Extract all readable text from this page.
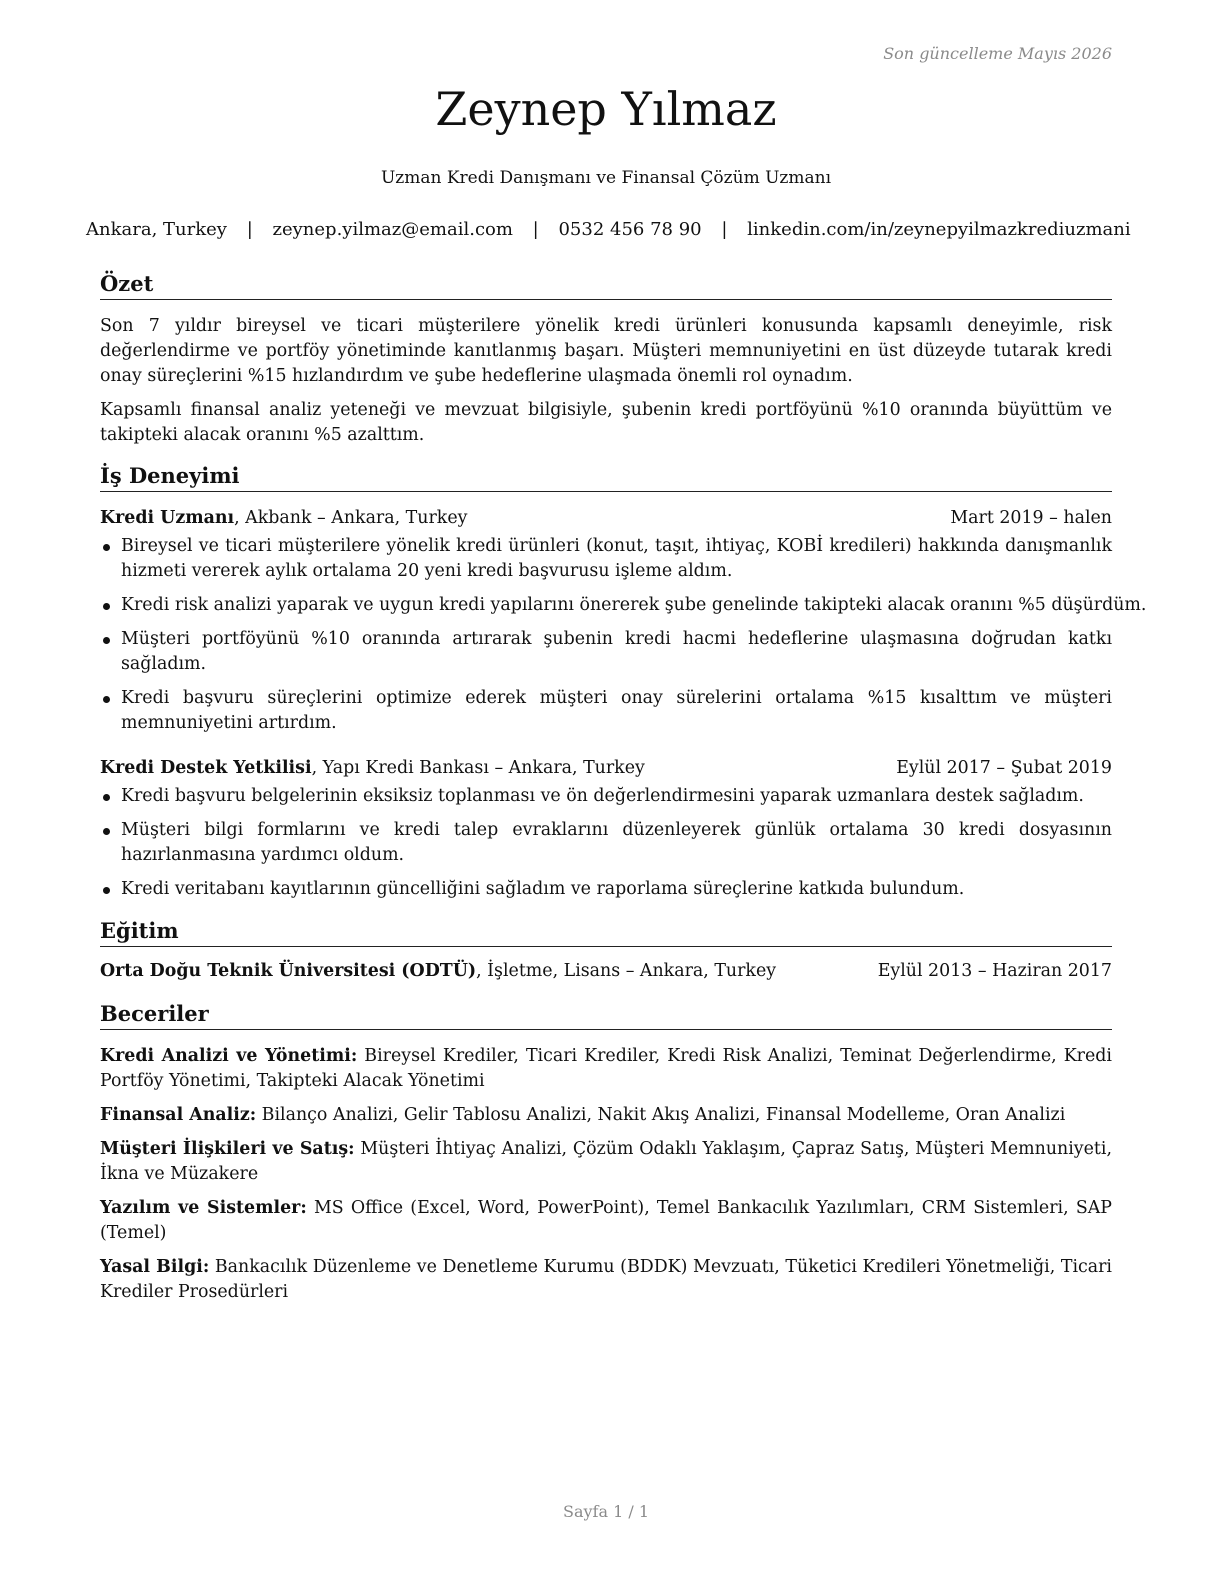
Son güncelleme Mayıs 2026

Zeynep Yılmaz

Uzman Kredi Danışmanı ve Finansal Çözüm Uzmanı

Ankara, Turkey | zeynep.yilmaz@email.com | 0532 456 78 90 | linkedin.com/in/zeynepyilmazkrediuzmani
Özet

Son 7 yıldır bireysel ve ticari müşterilere yönelik kredi ürünleri konusunda kapsamlı deneyimle, risk değerlendirme ve portföy yönetiminde kanıtlanmış başarı. Müşteri memnuniyetini en üst düzeyde tutarak kredi onay süreçlerini %15 hızlandırdım ve şube hedeflerine ulaşmada önemli rol oynadım.

Kapsamlı finansal analiz yeteneği ve mevzuat bilgisiyle, şubenin kredi portföyünü %10 oranında büyüttüm ve takipteki alacak oranını %5 azalttım.

İş Deneyimi
Kredi Uzmanı, Akbank – Ankara, Turkey	Mart 2019 – halen
Bireysel ve ticari müşterilere yönelik kredi ürünleri (konut, taşıt, ihtiyaç, KOBİ kredileri) hakkında danışmanlık hizmeti vererek aylık ortalama 20 yeni kredi başvurusu işleme aldım.
Kredi risk analizi yaparak ve uygun kredi yapılarını önererek şube genelinde takipteki alacak oranını %5 düşürdüm.
Müşteri portföyünü %10 oranında artırarak şubenin kredi hacmi hedeflerine ulaşmasına doğrudan katkı sağladım.
Kredi başvuru süreçlerini optimize ederek müşteri onay sürelerini ortalama %15 kısalttım ve müşteri memnuniyetini artırdım.
Kredi Destek Yetkilisi, Yapı Kredi Bankası – Ankara, Turkey	Eylül 2017 – Şubat 2019
Kredi başvuru belgelerinin eksiksiz toplanması ve ön değerlendirmesini yaparak uzmanlara destek sağladım.
Müşteri bilgi formlarını ve kredi talep evraklarını düzenleyerek günlük ortalama 30 kredi dosyasının hazırlanmasına yardımcı oldum.
Kredi veritabanı kayıtlarının güncelliğini sağladım ve raporlama süreçlerine katkıda bulundum.
Eğitim
Orta Doğu Teknik Üniversitesi (ODTÜ), İşletme, Lisans – Ankara, Turkey	Eylül 2013 – Haziran 2017
Beceriler
Kredi Analizi ve Yönetimi: Bireysel Krediler, Ticari Krediler, Kredi Risk Analizi, Teminat Değerlendirme, Kredi Portföy Yönetimi, Takipteki Alacak Yönetimi
Finansal Analiz: Bilanço Analizi, Gelir Tablosu Analizi, Nakit Akış Analizi, Finansal Modelleme, Oran Analizi
Müşteri İlişkileri ve Satış: Müşteri İhtiyaç Analizi, Çözüm Odaklı Yaklaşım, Çapraz Satış, Müşteri Memnuniyeti, İkna ve Müzakere
Yazılım ve Sistemler: MS Office (Excel, Word, PowerPoint), Temel Bankacılık Yazılımları, CRM Sistemleri, SAP (Temel)
Yasal Bilgi: Bankacılık Düzenleme ve Denetleme Kurumu (BDDK) Mevzuatı, Tüketici Kredileri Yönetmeliği, Ticari Krediler Prosedürleri

Sayfa 1 / 1
